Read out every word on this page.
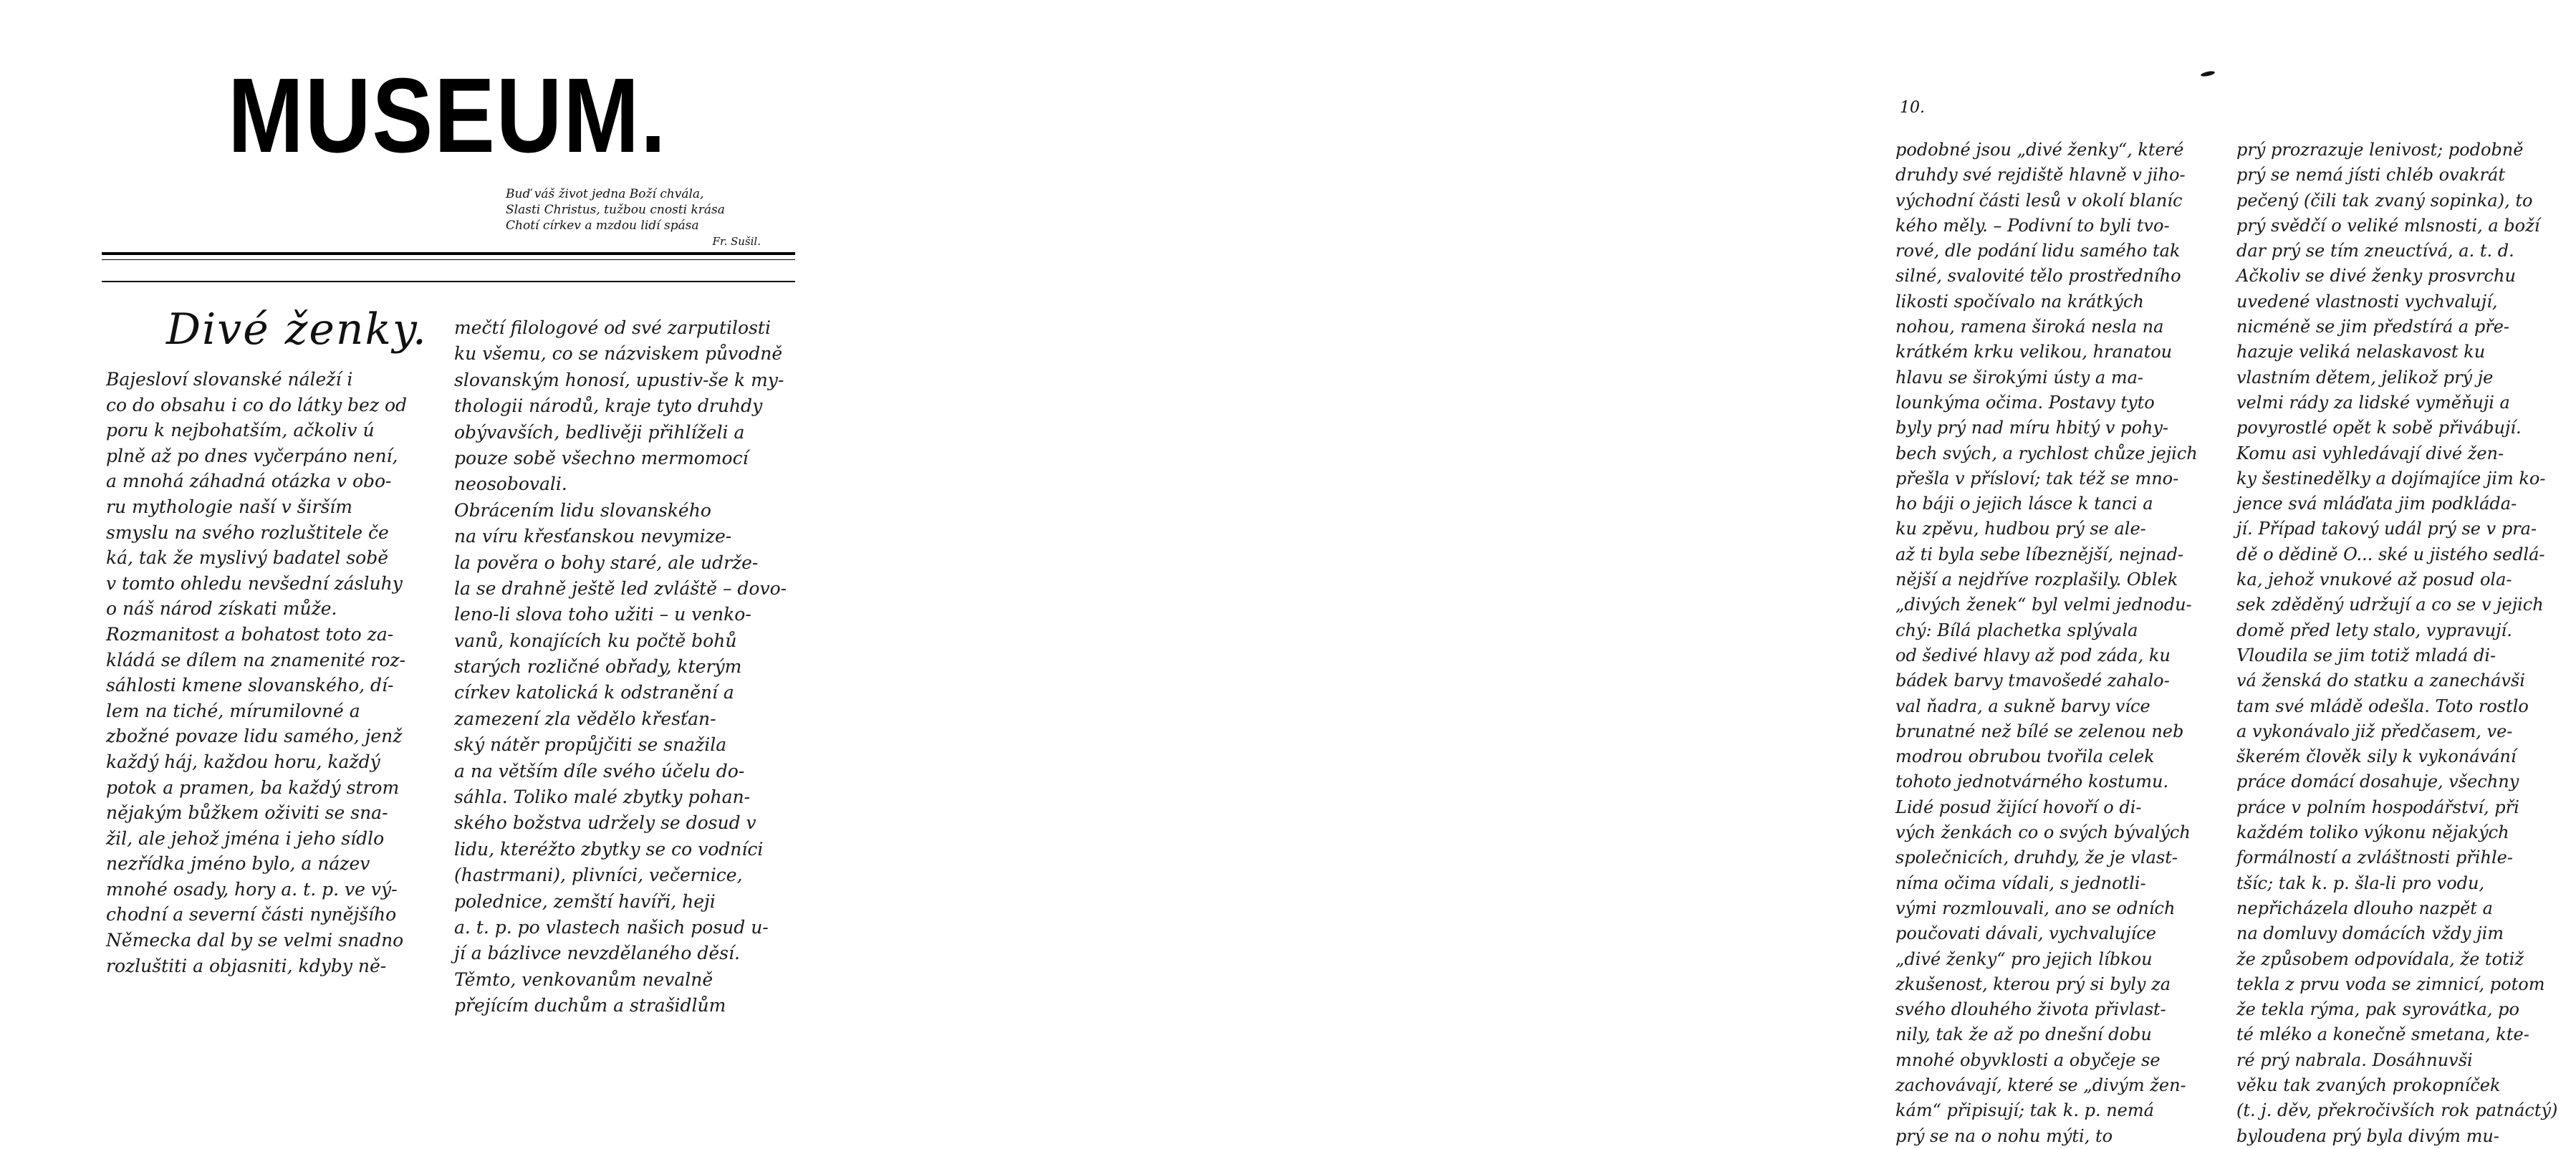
MUSEUM.
Buď váš život jedna Boží chvála,
Slasti Christus, tužbou cnosti krása
Chotí církev a mzdou lidí spása
Fr. Sušil.
Divé ženky.
Bajesloví slovanské náleží i
co do obsahu i co do látky bez od
poru k nejbohatším, ačkoliv ú
plně až po dnes vyčerpáno není,
a mnohá záhadná otázka v obo-
ru mythologie naší v širším
smyslu na svého rozluštitele če
ká, tak že myslivý badatel sobě
v tomto ohledu nevšední zásluhy
o náš národ získati může.
Rozmanitost a bohatost toto za-
kládá se dílem na znamenité roz-
sáhlosti kmene slovanského, dí-
lem na tiché, mírumilovné a
zbožné povaze lidu samého, jenž
každý háj, každou horu, každý
potok a pramen, ba každý strom
nějakým bůžkem oživiti se sna-
žil, ale jehož jména i jeho sídlo
nezřídka jméno bylo, a název
mnohé osady, hory a. t. p. ve vý-
chodní a severní části nynějšího
Německa dal by se velmi snadno
rozluštiti a objasniti, kdyby ně-
mečtí filologové od své zarputilosti
ku všemu, co se názviskem původně
slovanským honosí, upustiv-še k my-
thologii národů, kraje tyto druhdy
obývavších, bedlivěji přihlíželi a
pouze sobě všechno mermomocí
neosobovali.
Obrácením lidu slovanského
na víru křesťanskou nevymize-
la pověra o bohy staré, ale udrže-
la se drahně ještě led zvláště – dovo-
leno-li slova toho užiti – u venko-
vanů, konajících ku počtě bohů
starých rozličné obřady, kterým
církev katolická k odstranění a
zamezení zla vědělo křesťan-
ský nátěr propůjčiti se snažila
a na větším díle svého účelu do-
sáhla. Toliko malé zbytky pohan-
ského božstva udržely se dosud v
lidu, kteréžto zbytky se co vodníci
(hastrmani), plivníci, večernice,
polednice, zemští havíři, heji
a. t. p. po vlastech našich posud u-
jí a bázlivce nevzdělaného děsí.
Těmto, venkovanům nevalně
přejícím duchům a strašidlům
10.
podobné jsou „divé ženky“, které
druhdy své rejdiště hlavně v jiho-
východní části lesů v okolí blaníc
kého měly. – Podivní to byli tvo-
rové, dle podání lidu samého tak
silné, svalovité tělo prostředního
likosti spočívalo na krátkých
nohou, ramena široká nesla na
krátkém krku velikou, hranatou
hlavu se širokými ústy a ma-
lounkýma očima. Postavy tyto
byly prý nad míru hbitý v pohy-
bech svých, a rychlost chůze jejich
přešla v přísloví; tak též se mno-
ho báji o jejich lásce k tanci a
ku zpěvu, hudbou prý se ale-
až ti byla sebe líbeznější, nejnad-
nější a nejdříve rozplašily. Oblek
„divých ženek“ byl velmi jednodu-
chý: Bílá plachetka splývala
od šedivé hlavy až pod záda, ku
bádek barvy tmavošedé zahalo-
val ňadra, a sukně barvy více
brunatné než bílé se zelenou neb
modrou obrubou tvořila celek
tohoto jednotvárného kostumu.
Lidé posud žijící hovoří o di-
vých ženkách co o svých bývalých
společnicích, druhdy, že je vlast-
níma očima vídali, s jednotli-
vými rozmlouvali, ano se odních
poučovati dávali, vychvalujíce
„divé ženky“ pro jejich líbkou
zkušenost, kterou prý si byly za
svého dlouhého života přivlast-
nily, tak že až po dnešní dobu
mnohé obyvklosti a obyčeje se
zachovávají, které se „divým žen-
kám“ připisují; tak k. p. nemá
prý se na o nohu mýti, to
prý prozrazuje lenivost; podobně
prý se nemá jísti chléb ovakrát
pečený (čili tak zvaný sopinka), to
prý svědčí o veliké mlsnosti, a boží
dar prý se tím zneuctívá, a. t. d.
Ačkoliv se divé ženky prosvrchu
uvedené vlastnosti vychvalují,
nicméně se jim předstírá a pře-
hazuje veliká nelaskavost ku
vlastním dětem, jelikož prý je
velmi rády za lidské vyměňuji a
povyrostlé opět k sobě přivábují.
Komu asi vyhledávají divé žen-
ky šestinedělky a dojímajíce jim ko-
jence svá mláďata jim podkláda-
jí. Případ takový udál prý se v pra-
dě o dědině O... ské u jistého sedlá-
ka, jehož vnukové až posud ola-
sek zděděný udržují a co se v jejich
domě před lety stalo, vypravují.
Vloudila se jim totiž mladá di-
vá ženská do statku a zanechávši
tam své mládě odešla. Toto rostlo
a vykonávalo již předčasem, ve-
škerém člověk sily k vykonávání
práce domácí dosahuje, všechny
práce v polním hospodářství, při
každém toliko výkonu nějakých
formálností a zvláštnosti přihle-
tšíc; tak k. p. šla-li pro vodu,
nepřicházela dlouho nazpět a
na domluvy domácích vždy jim
že způsobem odpovídala, že totiž
tekla z prvu voda se zimnicí, potom
že tekla rýma, pak syrovátka, po
té mléko a konečně smetana, kte-
ré prý nabrala. Dosáhnuvši
věku tak zvaných prokopníček
(t. j. děv, překročivších rok patnáctý)
byloudena prý byla divým mu-
